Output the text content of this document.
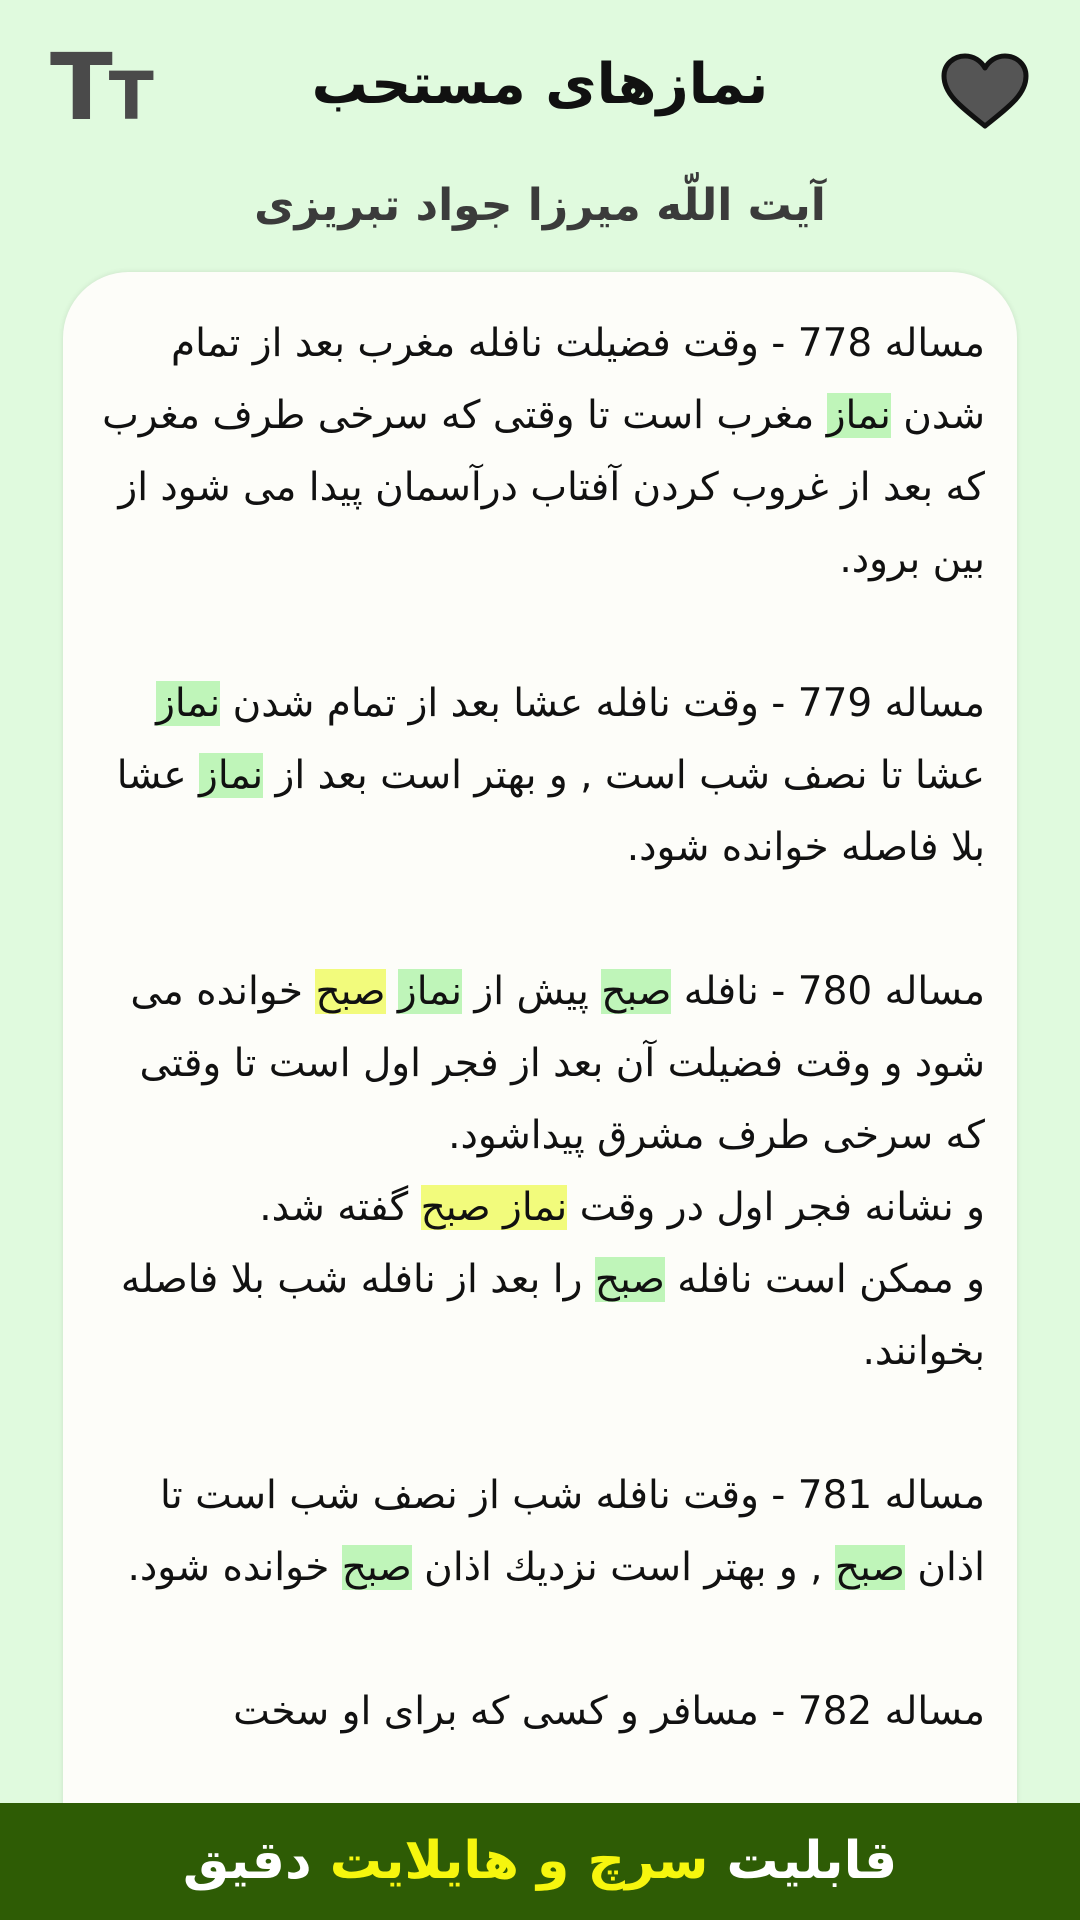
TT	نمازهای مستحب
آیت اللّه میرزا جواد تبریزی

مساله 778 - وقت فضیلت نافله مغرب بعد از تمام شدن نماز مغرب است تا وقتی که سرخی طرف مغرب که بعد از غروب کردن آفتاب درآسمان پیدا می شود از بین برود.

مساله 779 - وقت نافله عشا بعد از تمام شدن نماز عشا تا نصف شب است , و بهتر است بعد از نماز عشا بلا فاصله خوانده شود.

مساله 780 - نافله صبح پیش از نماز صبح خوانده می شود و وقت فضیلت آن بعد از فجر اول است تا وقتی که سرخی طرف مشرق پیداشود.
و نشانه فجر اول در وقت نماز صبح گفته شد.
و ممکن است نافله صبح را بعد از نافله شب بلا فاصله بخوانند.

مساله 781 - وقت نافله شب از نصف شب است تا اذان صبح , و بهتر است نزدیك اذان صبح خوانده شود.

مساله 782 - مسافر و کسی که برای او سخت

قابلیت سرچ و هایلایت دقیق
